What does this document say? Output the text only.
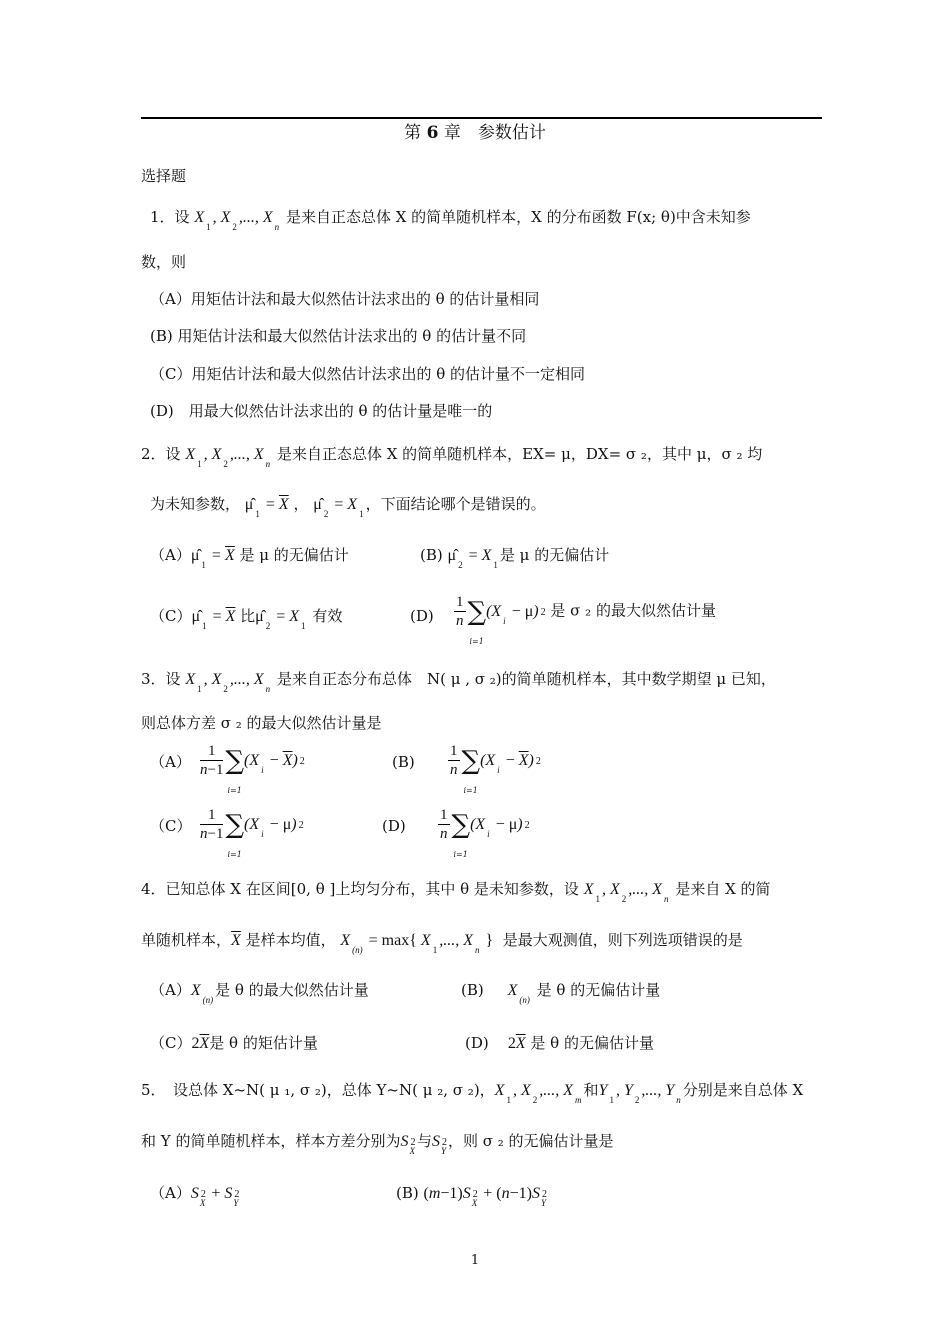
第 6 章　参数估计
选择题
1．设 $X_1$, $X_2$,..., $X_n$ 是来自正态总体 X 的简单随机样本，X 的分布函数 F(x; θ)中含未知参
数，则
（A）用矩估计法和最大似然估计法求出的 θ 的估计量相同
(B) 用矩估计法和最大似然估计法求出的 θ 的估计量不同
（C）用矩估计法和最大似然估计法求出的 θ 的估计量不一定相同
(D)　用最大似然估计法求出的 θ 的估计量是唯一的
2．设 $X_1$, $X_2$,..., $X_n$ 是来自正态总体 X 的简单随机样本，EX= μ，DX= σ ₂，其中 μ，σ ₂ 均
为未知参数， $\mû_1 = \overline{X}$ ， $\mû_2 = X_1$，下面结论哪个是错误的。
$(A)\mû_1 = \overline{X}$ 是 μ 的无偏估计	(B) $\mû_2 = X_1$是 μ 的无偏估计
$(C)\mû_1 = \overline{X}$ 比$\mû_2 = X_1$ 有效	$(D) \frac{1}{n}$ ∑
i=1
$(X_i - \mu)$ 2 是 σ ₂ 的最大似然估计量
3．设 $X_1$, $X_2$,..., $X_n$ 是来自正态分布总体　N( μ , σ ₂)的简单随机样本，其中数学期望 μ 已知，
则总体方差 σ ₂ 的最大似然估计量是
$(A) \frac{1}{n-1}$ ∑
i=1
$(X_i - \overline{X})$ 2	$(B) \frac{1}{n}$ ∑
i=1
$(X_i - \overline{X})$ 2
$(C) \frac{1}{n-1}$ ∑
i=1
$(X_i - \mu)$ 2	$(D) \frac{1}{n}$ ∑
i=1
$(X_i - \mu)$ 2
4．已知总体 X 在区间[0, θ ]上均匀分布，其中 θ 是未知参数，设 $X_1$, $X_2$,..., $X_n$ 是来自 X 的简
单随机样本，$\overline{X}$ 是样本均值， $X_{(n)} = \max${ $X_1$,..., $X_n$ } 是最大观测值，则下列选项错误的是
$(A)X_{(n)}$是 θ 的最大似然估计量	(B) $X_{(n)}$ 是 θ 的无偏估计量
$(C)2\overline{X}$是 θ 的矩估计量	(D) $2\overline{X}$ 是 θ 的无偏估计量
5．　设总体 X~N( μ ₁, σ ₂)，总体 Y~N( μ ₂, σ ₂)，$X_1$, $X_2$,..., $X_m$和$Y_1$, $Y_2$,..., $Y_n$分别是来自总体 X
和 Y 的简单随机样本，样本方差分别为S $2_X$与S $2_Y$，则 σ ₂ 的无偏估计量是
（A）S $2_X + S$ $2_Y$
(B) (m−1)S $2_X + (n-1)S$ $2_Y$
1
